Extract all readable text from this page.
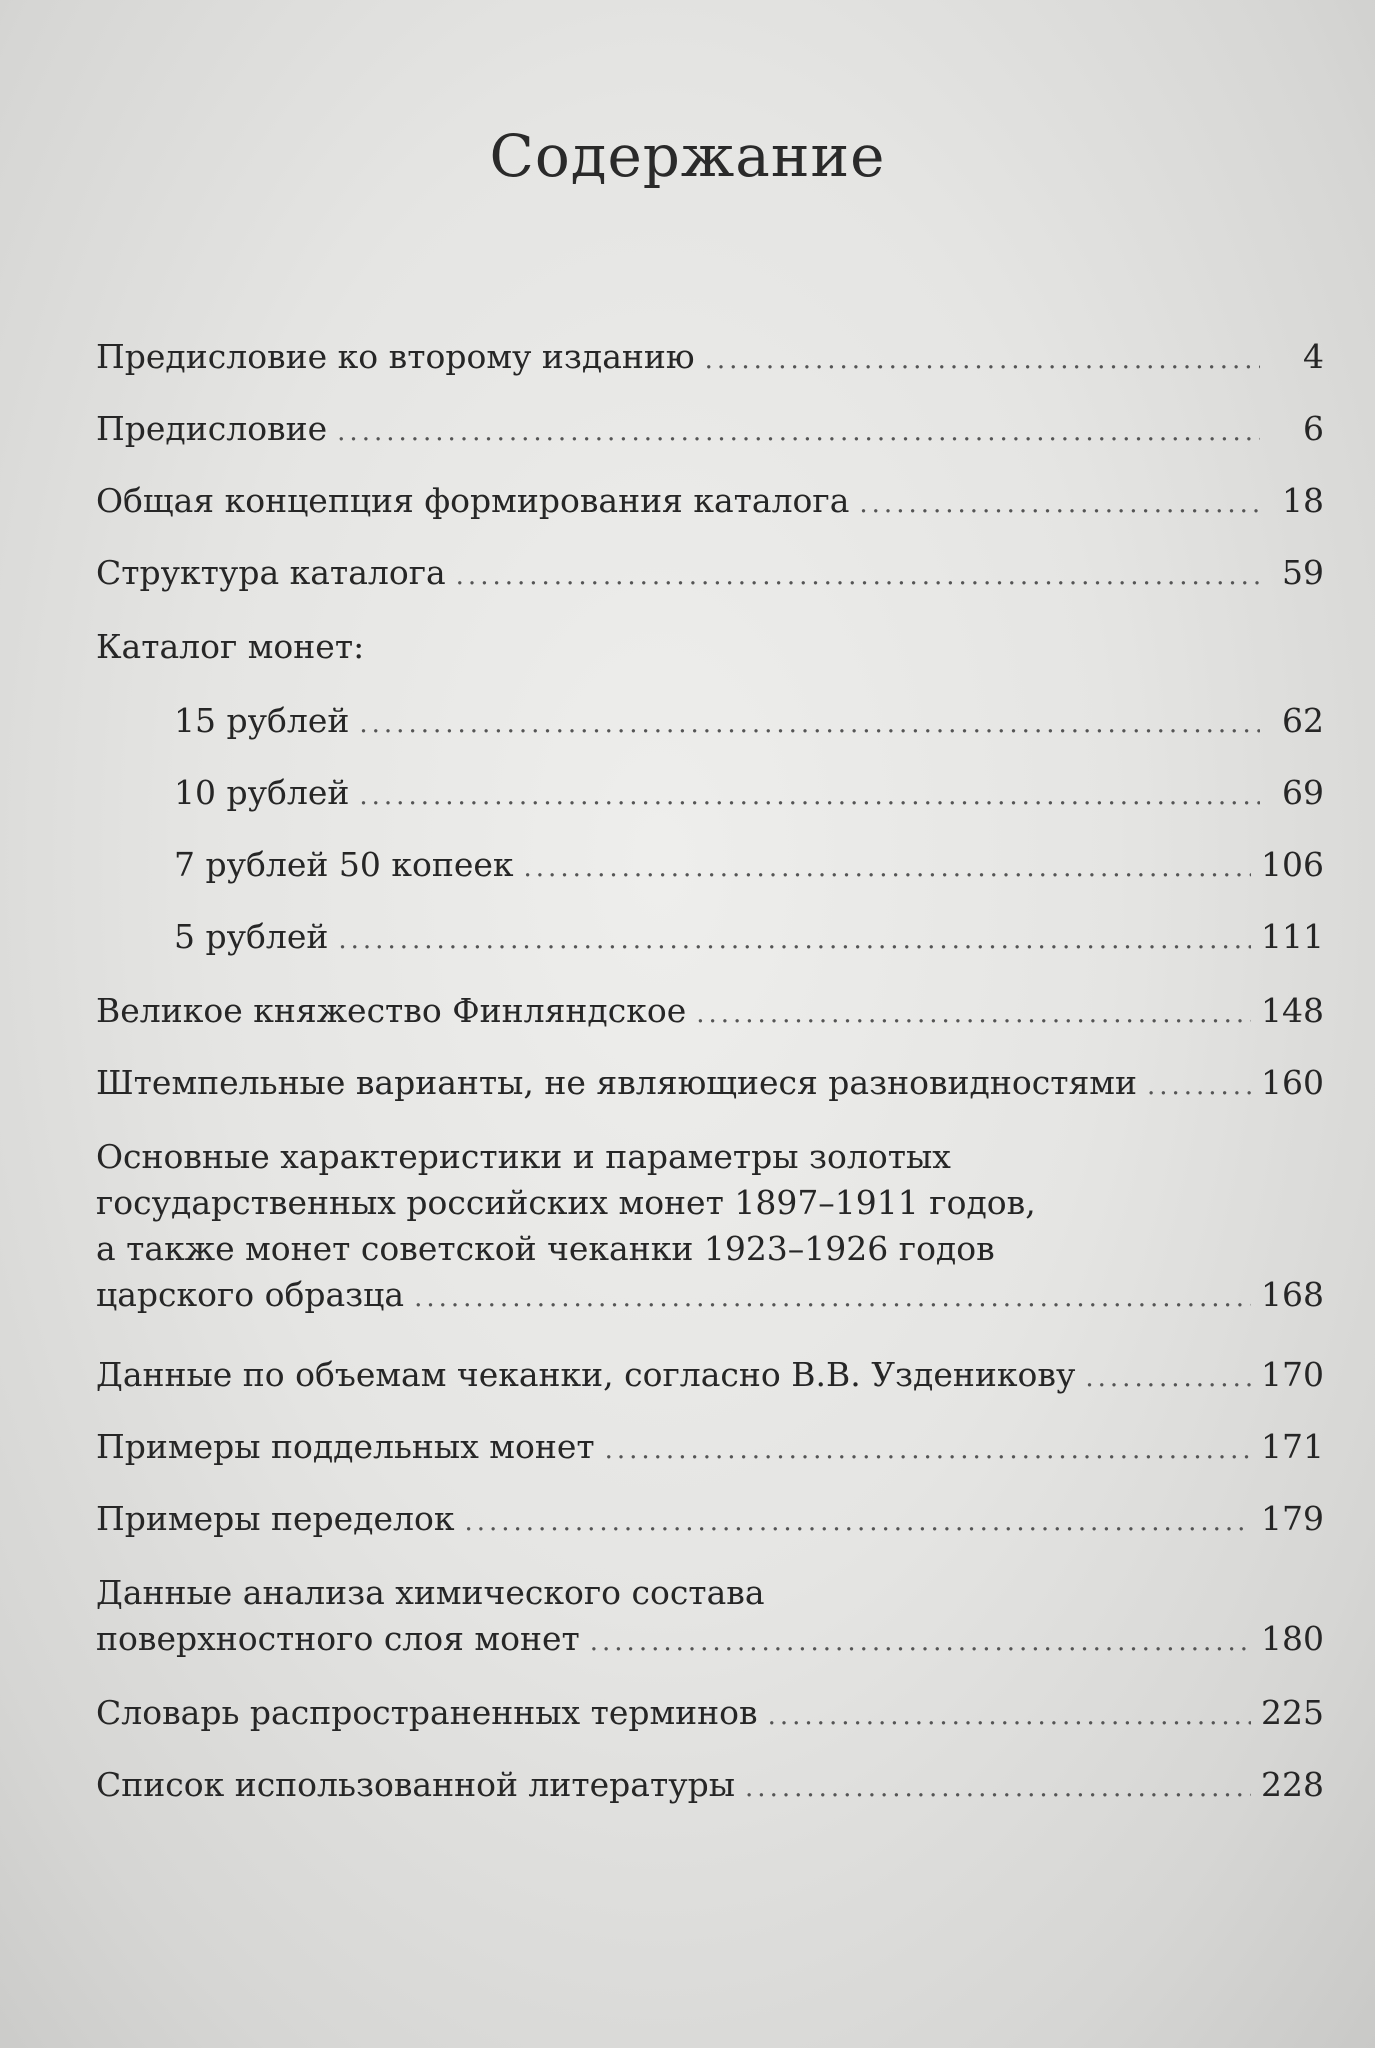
Содержание
Предисловие ко второму изданию .....	4
Предисловие .....	6
Общая концепция формирования каталога .....	18
Структура каталога .....	59
Каталог монет:
15 рублей .....	62
10 рублей .....	69
7 рублей 50 копеек .....	106
5 рублей .....	111
Великое княжество Финляндское .....	148
Штемпельные варианты, не являющиеся разновидностями .....	160
Основные характеристики и параметры золотых
государственных российских монет 1897–1911 годов,
а также монет советской чеканки 1923–1926 годов
царского образца .....	168
Данные по объемам чеканки, согласно В.В. Узденикову .....	170
Примеры поддельных монет .....	171
Примеры переделок .....	179
Данные анализа химического состава
поверхностного слоя монет .....	180
Словарь распространенных терминов .....	225
Список использованной литературы .....	228
